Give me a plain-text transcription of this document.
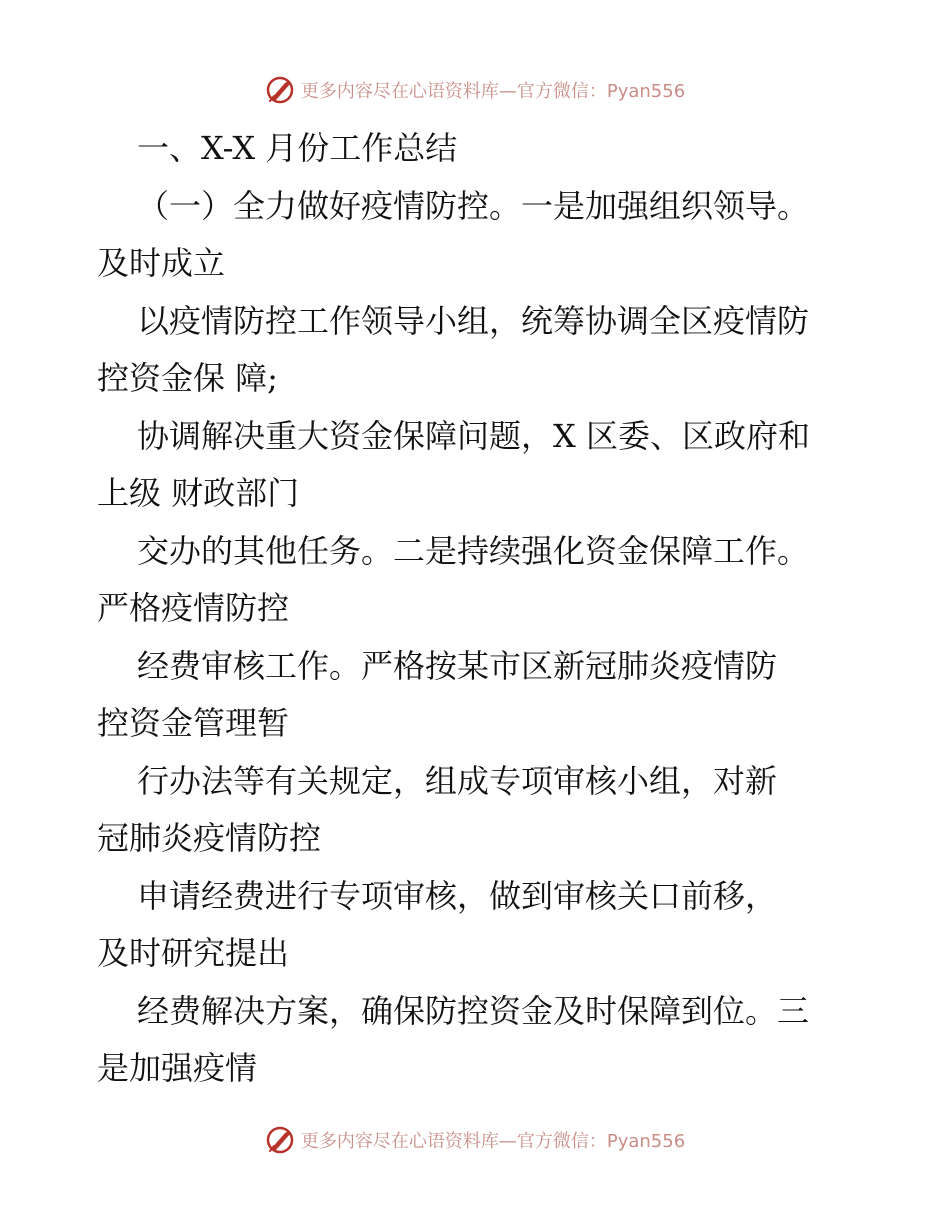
更多内容尽在心语资料库 —官方微信：Pyan556

一、X-X 月份工作总结

（一）全力做好疫情防控。一是加强组织领导。

及时成立

以疫情防控工作领导小组，统筹协调全区疫情防

控资金保 障;

协调解决重大资金保障问题，X 区委、区政府和

上级 财政部门

交办的其他任务。二是持续强化资金保障工作。

严格疫情防控

经费审核工作。严格按某市区新冠肺炎疫情防

控资金管理暂

行办法等有关规定，组成专项审核小组，对新

冠肺炎疫情防控

申请经费进行专项审核，做到审核关口前移，

及时研究提出

经费解决方案，确保防控资金及时保障到位。三

是加强疫情

更多内容尽在心语资料库 —官方微信：Pyan556
